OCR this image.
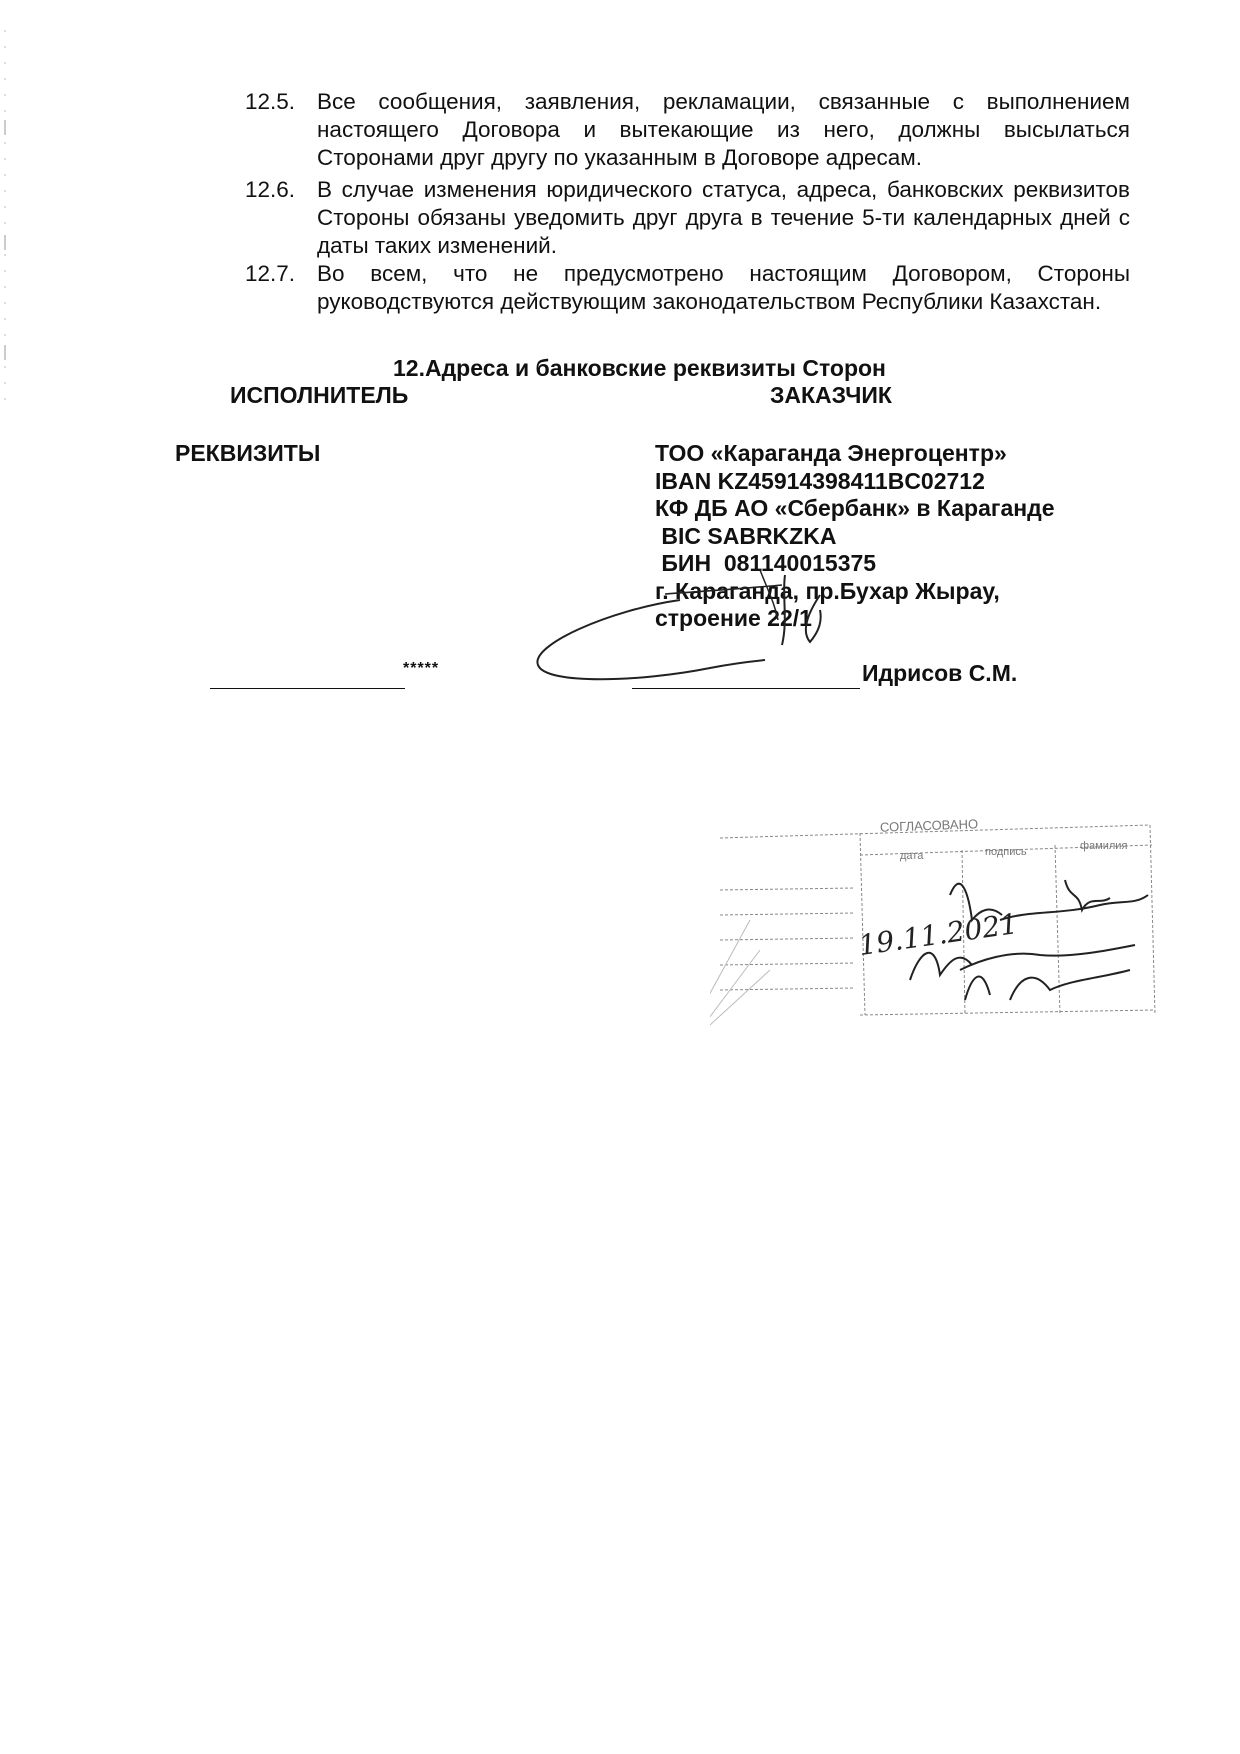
12.5. Все сообщения, заявления, рекламации, связанные с выполнением настоящего Договора и вытекающие из него, должны высылаться Сторонами друг другу по указанным в Договоре адресам.
12.6. В случае изменения юридического статуса, адреса, банковских реквизитов Стороны обязаны уведомить друг друга в течение 5-ти календарных дней с даты таких изменений.
12.7. Во всем, что не предусмотрено настоящим Договором, Стороны руководствуются действующим законодательством Республики Казахстан.
12.Адреса и банковские реквизиты Сторон
ИСПОЛНИТЕЛЬ	ЗАКАЗЧИК
РЕКВИЗИТЫ	ТОО «Караганда Энергоцентр»
IBAN KZ45914398411BC02712
КФ ДБ АО «Сбербанк» в Караганде
BIC SABRKZKA
БИН  081140015375
г. Караганда, пр.Бухар Жырау,
строение 22/1
*****	Идрисов С.М.
СОГЛАСОВАНО
дата	подпись	фамилия
19.11.2021
